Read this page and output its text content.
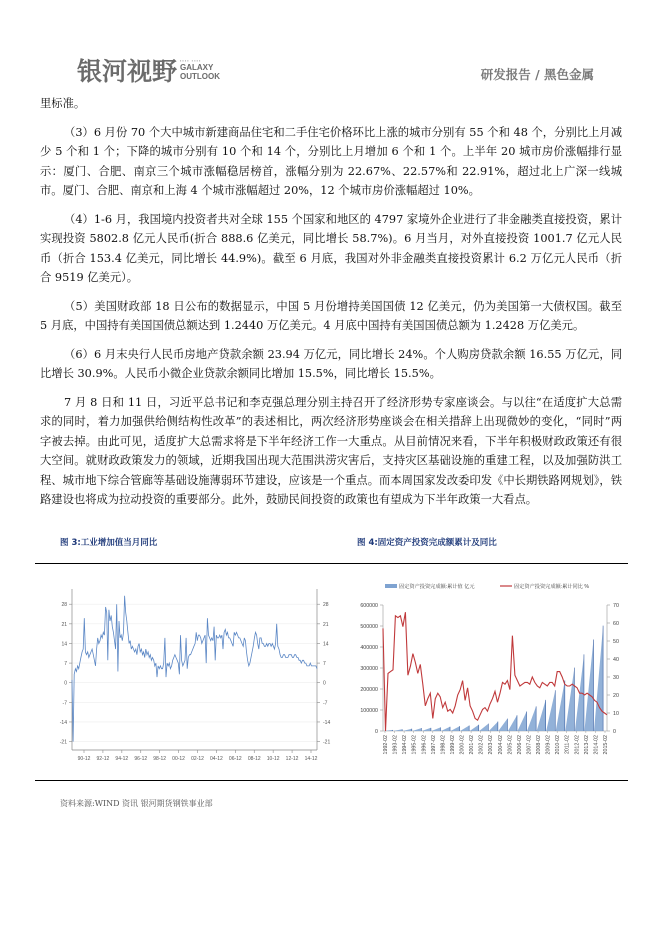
银河视野 ▪▪▪▪ ▪▪▪▪
GALAXY
OUTLOOK	研发报告 / 黑色金属

里标准。

（3）6 月份 70 个大中城市新建商品住宅和二手住宅价格环比上涨的城市分别有 55 个和 48 个，分别比上月减少 5 个和 1 个；下降的城市分别有 10 个和 14 个，分别比上月增加 6 个和 1 个。上半年 20 城市房价涨幅排行显示：厦门、合肥、南京三个城市涨幅稳居榜首，涨幅分别为 22.67%、22.57%和 22.91%，超过北上广深一线城市。厦门、合肥、南京和上海 4 个城市涨幅超过 20%，12 个城市房价涨幅超过 10%。

（4）1-6 月，我国境内投资者共对全球 155 个国家和地区的 4797 家境外企业进行了非金融类直接投资，累计实现投资 5802.8 亿元人民币(折合 888.6 亿美元，同比增长 58.7%)。6 月当月，对外直接投资 1001.7 亿元人民币（折合 153.4 亿美元，同比增长 44.9%)。截至 6 月底，我国对外非金融类直接投资累计 6.2 万亿元人民币（折合 9519 亿美元）。

（5）美国财政部 18 日公布的数据显示，中国 5 月份增持美国国债 12 亿美元，仍为美国第一大债权国。截至 5 月底，中国持有美国国债总额达到 1.2440 万亿美元。4 月底中国持有美国国债总额为 1.2428 万亿美元。

（6）6 月末央行人民币房地产贷款余额 23.94 万亿元，同比增长 24%。个人购房贷款余额 16.55 万亿元，同比增长 30.9%。人民币小微企业贷款余额同比增加 15.5%，同比增长 15.5%。

7 月 8 日和 11 日，习近平总书记和李克强总理分别主持召开了经济形势专家座谈会。与以往“在适度扩大总需求的同时，着力加强供给侧结构性改革”的表述相比，两次经济形势座谈会在相关措辞上出现微妙的变化，“同时”两字被去掉。由此可见，适度扩大总需求将是下半年经济工作一大重点。从目前情况来看，下半年积极财政政策还有很大空间。就财政政策发力的领域，近期我国出现大范围洪涝灾害后，支持灾区基础设施的重建工程，以及加强防洪工程、城市地下综合管廊等基础设施薄弱环节建设，应该是一个重点。而本周国家发改委印发《中长期铁路网规划》，铁路建设也将成为拉动投资的重要部分。此外，鼓励民间投资的政策也有望成为下半年政策一大看点。

图 3:工业增加值当月同比	图 4:固定资产投资完成额累计及同比
-21	-21
-14	-14
-7	-7
0	0
7	7
14	14
21	21
28	28
90-12 92-12 94-12 96-12 98-12 00-12 02-12 04-12 06-12 08-12 10-12 12-12 14-12
固定资产投资完成额:累计值 亿元	固定资产投资完成额:累计同比 %
0
100000
200000
300000
400000
500000
600000
0
10
20
30
40
50
60
70
1992-02 1993-02 1994-02 1995-02 1996-02 1997-02 1998-02 1999-02 2000-02 2001-02 2002-02 2003-02 2004-02 2005-02 2006-02 2007-02 2008-02 2009-02 2010-02 2011-02 2012-02 2013-02 2014-02 2015-02
资料来源:WIND 资讯 银河期货钢铁事业部
